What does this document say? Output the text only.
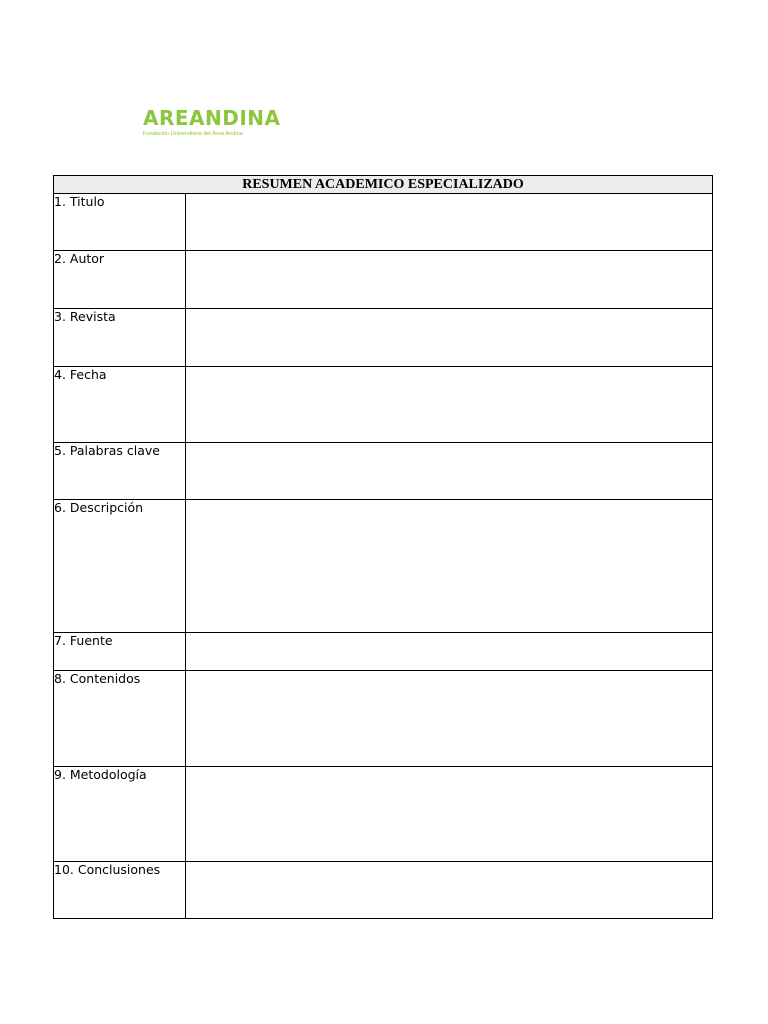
AREANDINA
Fundación Universitaria del Área Andina
RESUMEN ACADEMICO ESPECIALIZADO	
1. Titulo	
2. Autor	
3. Revista	
4. Fecha	
5. Palabras clave	
6. Descripción	
7. Fuente	
8. Contenidos	
9. Metodología	
10. Conclusiones	
